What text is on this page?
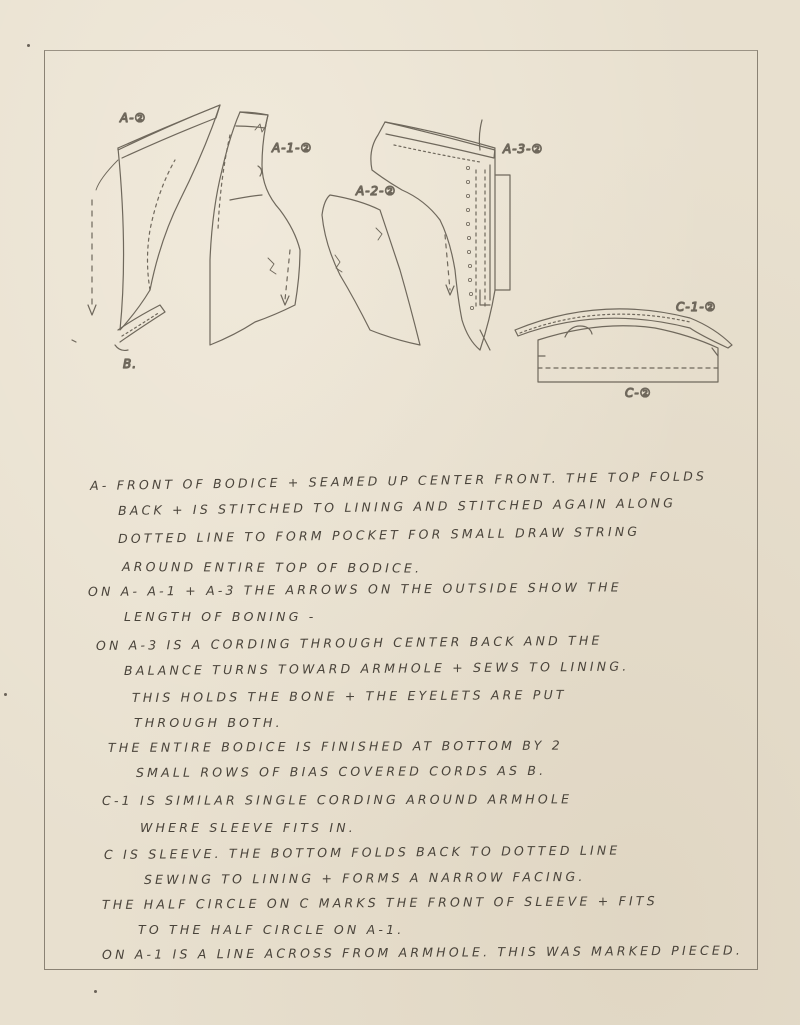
A-②
B.
A-1-②
A-2-②
A-3-②
C-1-②
C-②
A- FRONT OF BODICE + SEAMED UP CENTER FRONT. THE TOP FOLDS
BACK + IS STITCHED TO LINING AND STITCHED AGAIN ALONG
DOTTED LINE TO FORM POCKET FOR SMALL DRAW STRING
AROUND ENTIRE TOP OF BODICE.
ON A- A-1 + A-3 THE ARROWS ON THE OUTSIDE SHOW THE
LENGTH OF BONING -
ON A-3 IS A CORDING THROUGH CENTER BACK AND THE
BALANCE TURNS TOWARD ARMHOLE + SEWS TO LINING.
THIS HOLDS THE BONE + THE EYELETS ARE PUT
THROUGH BOTH.
THE ENTIRE BODICE IS FINISHED AT BOTTOM BY 2
SMALL ROWS OF BIAS COVERED CORDS AS B.
C-1 IS SIMILAR SINGLE CORDING AROUND ARMHOLE
WHERE SLEEVE FITS IN.
C IS SLEEVE. THE BOTTOM FOLDS BACK TO DOTTED LINE
SEWING TO LINING + FORMS A NARROW FACING.
THE HALF CIRCLE ON C MARKS THE FRONT OF SLEEVE + FITS
TO THE HALF CIRCLE ON A-1.
ON A-1 IS A LINE ACROSS FROM ARMHOLE. THIS WAS MARKED PIECED.
